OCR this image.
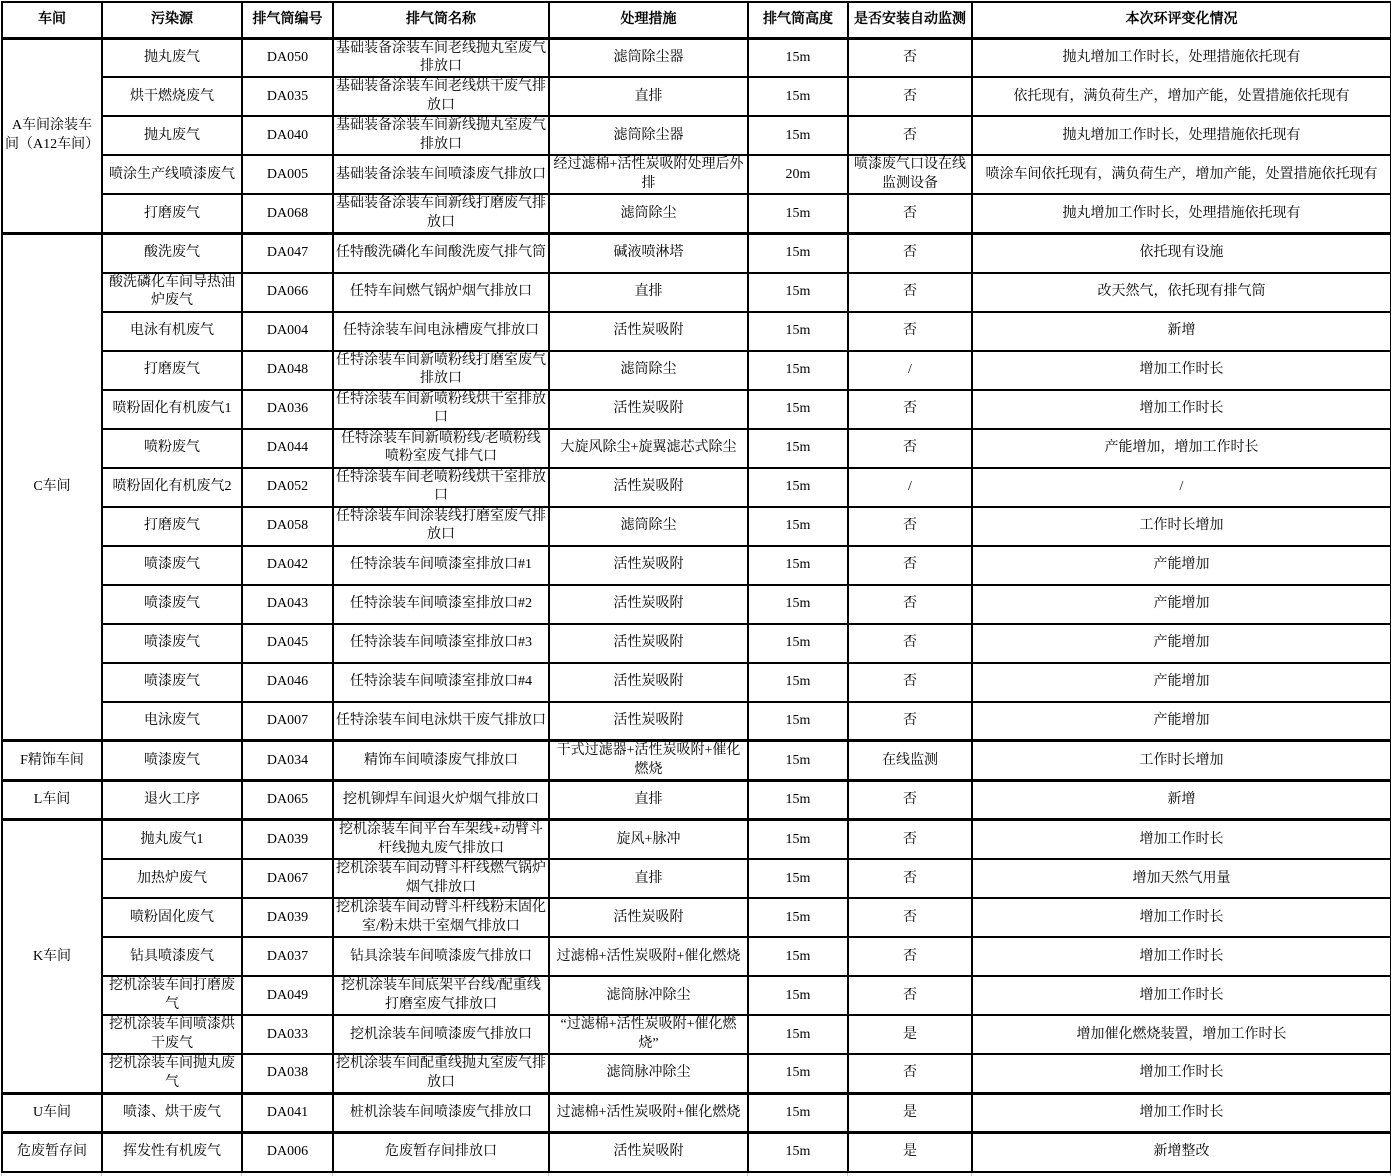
车间	污染源	排气筒编号	排气筒名称	处理措施	排气筒高度	是否安装自动监测	本次环评变化情况
A车间涂装车间（A12车间）	抛丸废气	DA050	基础装备涂装车间老线抛丸室废气排放口	滤筒除尘器	15m	否	抛丸增加工作时长，处理措施依托现有
	烘干燃烧废气	DA035	基础装备涂装车间老线烘干废气排放口	直排	15m	否	依托现有，满负荷生产，增加产能，处置措施依托现有
	抛丸废气	DA040	基础装备涂装车间新线抛丸室废气排放口	滤筒除尘器	15m	否	抛丸增加工作时长，处理措施依托现有
	喷涂生产线喷漆废气	DA005	基础装备涂装车间喷漆废气排放口	经过滤棉+活性炭吸附处理后外排	20m	喷漆废气口设在线监测设备	喷涂车间依托现有，满负荷生产，增加产能，处置措施依托现有
	打磨废气	DA068	基础装备涂装车间新线打磨废气排放口	滤筒除尘	15m	否	抛丸增加工作时长，处理措施依托现有
C车间	酸洗废气	DA047	任特酸洗磷化车间酸洗废气排气筒	碱液喷淋塔	15m	否	依托现有设施
	酸洗磷化车间导热油炉废气	DA066	任特车间燃气锅炉烟气排放口	直排	15m	否	改天然气，依托现有排气筒
	电泳有机废气	DA004	任特涂装车间电泳槽废气排放口	活性炭吸附	15m	否	新增
	打磨废气	DA048	任特涂装车间新喷粉线打磨室废气排放口	滤筒除尘	15m	/	增加工作时长
	喷粉固化有机废气1	DA036	任特涂装车间新喷粉线烘干室排放口	活性炭吸附	15m	否	增加工作时长
	喷粉废气	DA044	任特涂装车间新喷粉线/老喷粉线喷粉室废气排气口	大旋风除尘+旋翼滤芯式除尘	15m	否	产能增加，增加工作时长
	喷粉固化有机废气2	DA052	任特涂装车间老喷粉线烘干室排放口	活性炭吸附	15m	/	/
	打磨废气	DA058	任特涂装车间涂装线打磨室废气排放口	滤筒除尘	15m	否	工作时长增加
	喷漆废气	DA042	任特涂装车间喷漆室排放口#1	活性炭吸附	15m	否	产能增加
	喷漆废气	DA043	任特涂装车间喷漆室排放口#2	活性炭吸附	15m	否	产能增加
	喷漆废气	DA045	任特涂装车间喷漆室排放口#3	活性炭吸附	15m	否	产能增加
	喷漆废气	DA046	任特涂装车间喷漆室排放口#4	活性炭吸附	15m	否	产能增加
	电泳废气	DA007	任特涂装车间电泳烘干废气排放口	活性炭吸附	15m	否	产能增加
F精饰车间	喷漆废气	DA034	精饰车间喷漆废气排放口	干式过滤器+活性炭吸附+催化燃烧	15m	在线监测	工作时长增加
L车间	退火工序	DA065	挖机铆焊车间退火炉烟气排放口	直排	15m	否	新增
K车间	抛丸废气1	DA039	挖机涂装车间平台车架线+动臂斗杆线抛丸废气排放口	旋风+脉冲	15m	否	增加工作时长
	加热炉废气	DA067	挖机涂装车间动臂斗杆线燃气锅炉烟气排放口	直排	15m	否	增加天然气用量
	喷粉固化废气	DA039	挖机涂装车间动臂斗杆线粉末固化室/粉末烘干室烟气排放口	活性炭吸附	15m	否	增加工作时长
	钻具喷漆废气	DA037	钻具涂装车间喷漆废气排放口	过滤棉+活性炭吸附+催化燃烧	15m	否	增加工作时长
	挖机涂装车间打磨废气	DA049	挖机涂装车间底架平台线/配重线打磨室废气排放口	滤筒脉冲除尘	15m	否	增加工作时长
	挖机涂装车间喷漆烘干废气	DA033	挖机涂装车间喷漆废气排放口	“过滤棉+活性炭吸附+催化燃烧”	15m	是	增加催化燃烧装置，增加工作时长
	挖机涂装车间抛丸废气	DA038	挖机涂装车间配重线抛丸室废气排放口	滤筒脉冲除尘	15m	否	增加工作时长
U车间	喷漆、烘干废气	DA041	桩机涂装车间喷漆废气排放口	过滤棉+活性炭吸附+催化燃烧	15m	是	增加工作时长
危废暂存间	挥发性有机废气	DA006	危废暂存间排放口	活性炭吸附	15m	是	新增整改
